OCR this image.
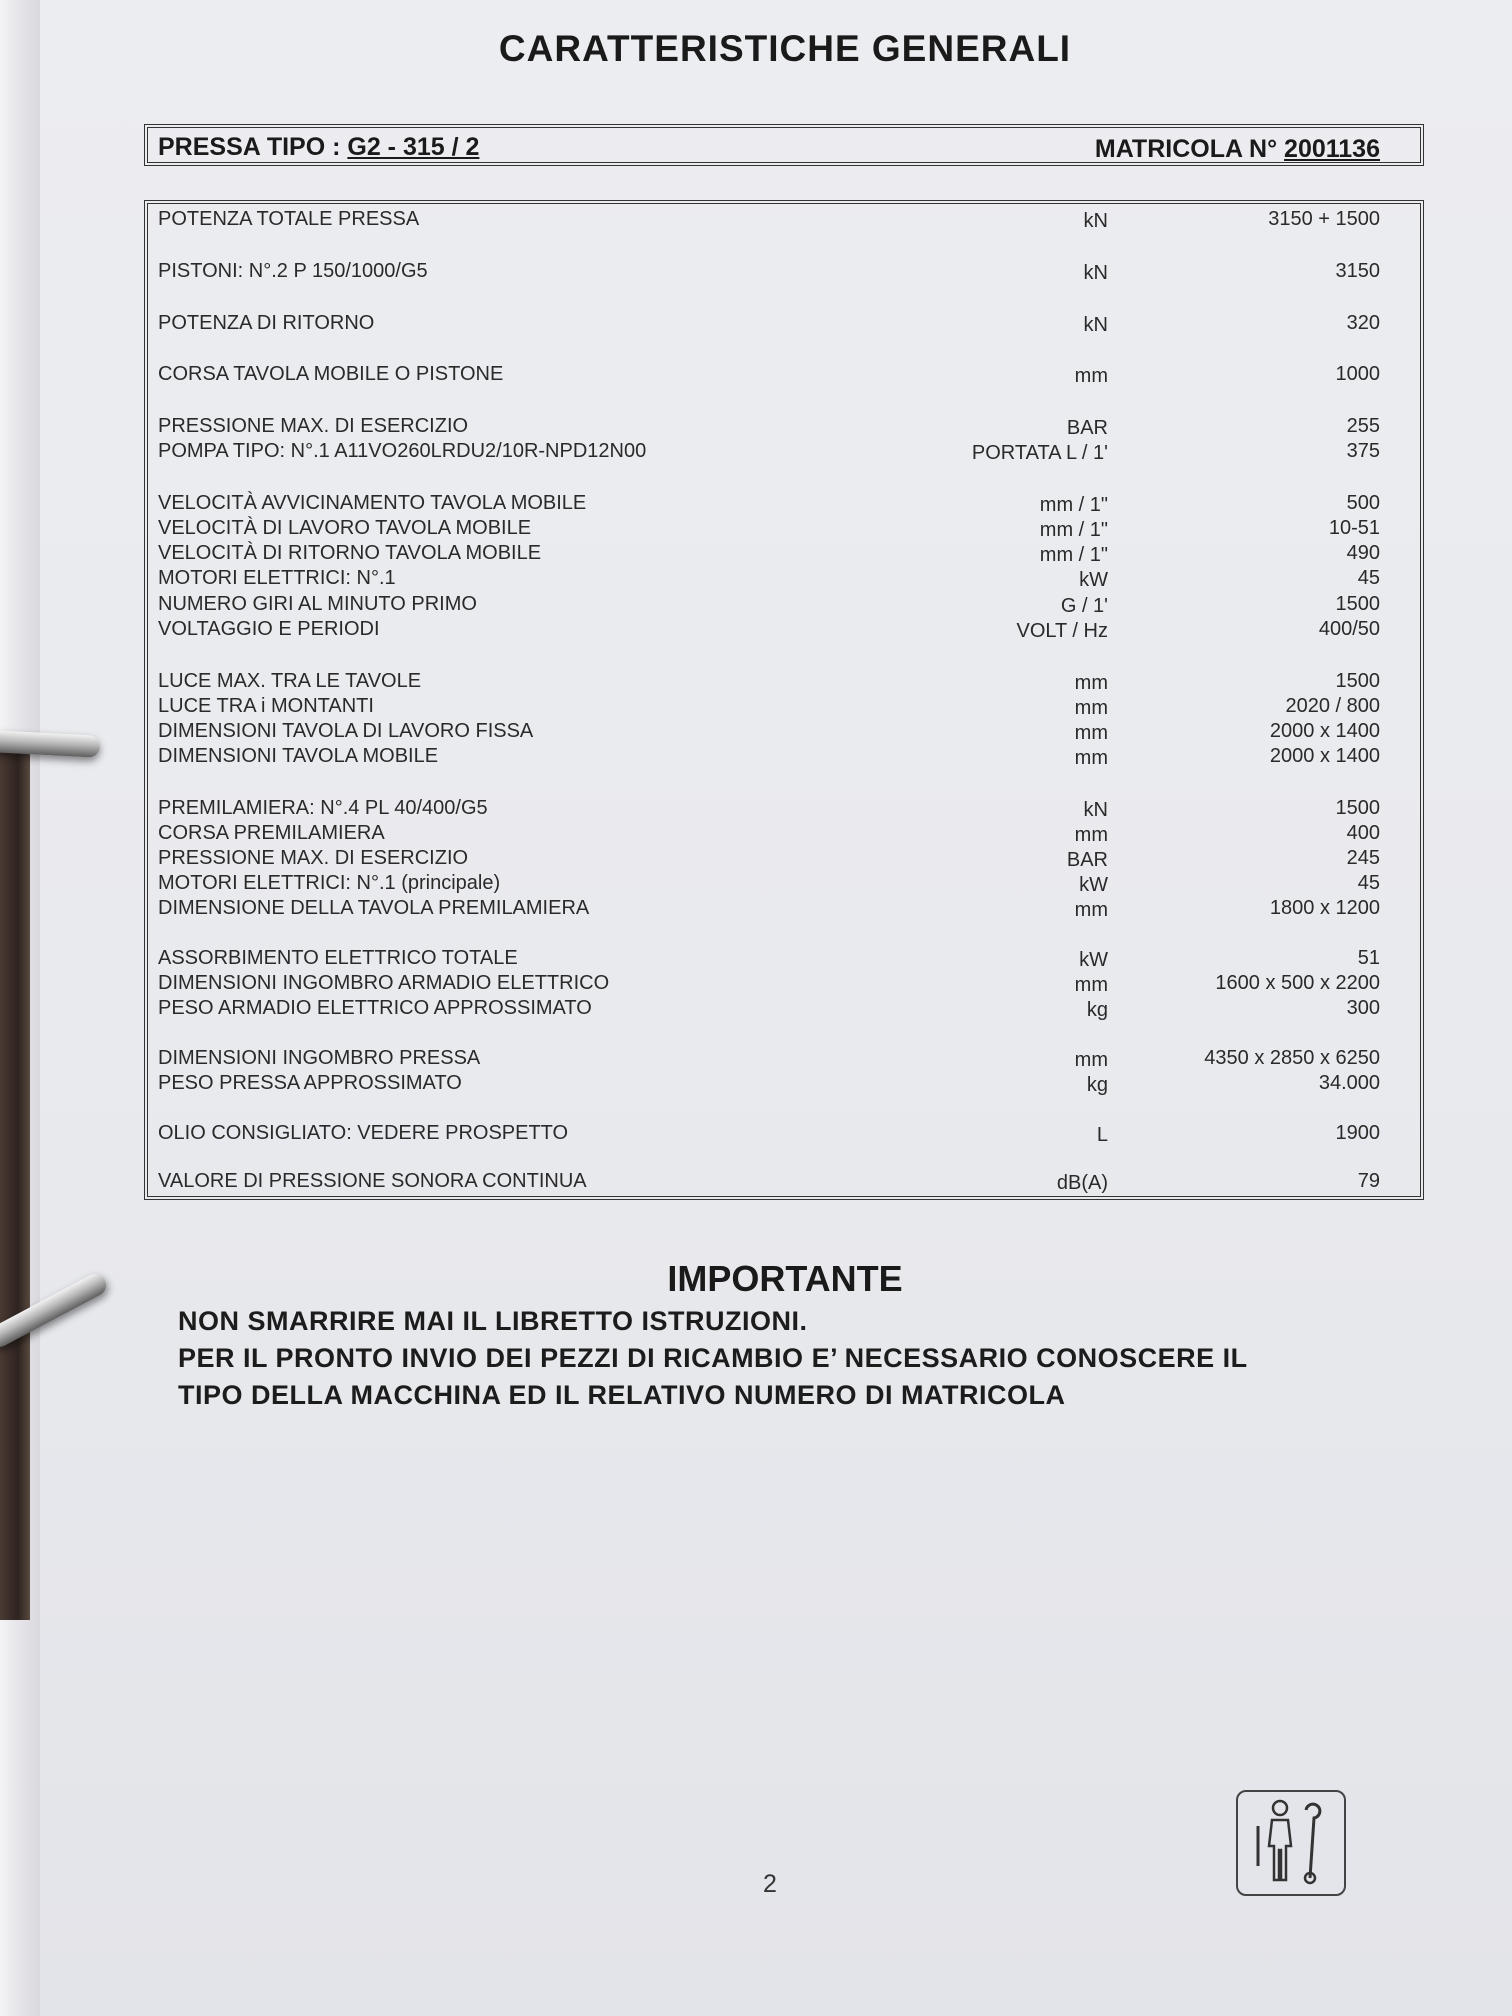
CARATTERISTICHE GENERALI
PRESSA TIPO : G2 - 315 / 2	MATRICOLA N° 2001136
POTENZA TOTALE PRESSA	kN	3150 + 1500
PISTONI: N°.2 P 150/1000/G5	kN	3150
POTENZA DI RITORNO	kN	320
CORSA TAVOLA MOBILE O PISTONE	mm	1000
PRESSIONE MAX. DI ESERCIZIO	BAR	255
POMPA TIPO: N°.1 A11VO260LRDU2/10R-NPD12N00	PORTATA L / 1'	375
VELOCITÀ AVVICINAMENTO TAVOLA MOBILE	mm / 1"	500
VELOCITÀ DI LAVORO TAVOLA MOBILE	mm / 1"	10-51
VELOCITÀ DI RITORNO TAVOLA MOBILE	mm / 1"	490
MOTORI ELETTRICI: N°.1	kW	45
NUMERO GIRI AL MINUTO PRIMO	G / 1'	1500
VOLTAGGIO E PERIODI	VOLT / Hz	400/50
LUCE MAX. TRA LE TAVOLE	mm	1500
LUCE TRA i MONTANTI	mm	2020 / 800
DIMENSIONI TAVOLA DI LAVORO FISSA	mm	2000 x 1400
DIMENSIONI TAVOLA MOBILE	mm	2000 x 1400
PREMILAMIERA: N°.4 PL 40/400/G5	kN	1500
CORSA PREMILAMIERA	mm	400
PRESSIONE MAX. DI ESERCIZIO	BAR	245
MOTORI ELETTRICI: N°.1 (principale)	kW	45
DIMENSIONE DELLA TAVOLA PREMILAMIERA	mm	1800 x 1200
ASSORBIMENTO ELETTRICO TOTALE	kW	51
DIMENSIONI INGOMBRO ARMADIO ELETTRICO	mm	1600 x 500 x 2200
PESO ARMADIO ELETTRICO APPROSSIMATO	kg	300
DIMENSIONI INGOMBRO PRESSA	mm	4350 x 2850 x 6250
PESO PRESSA APPROSSIMATO	kg	34.000
OLIO CONSIGLIATO: VEDERE PROSPETTO	L	1900
VALORE DI PRESSIONE SONORA CONTINUA	dB(A)	79
IMPORTANTE
NON SMARRIRE MAI IL LIBRETTO ISTRUZIONI.
PER IL PRONTO INVIO DEI PEZZI DI RICAMBIO E’ NECESSARIO CONOSCERE IL
TIPO DELLA MACCHINA ED IL RELATIVO NUMERO DI MATRICOLA
2
